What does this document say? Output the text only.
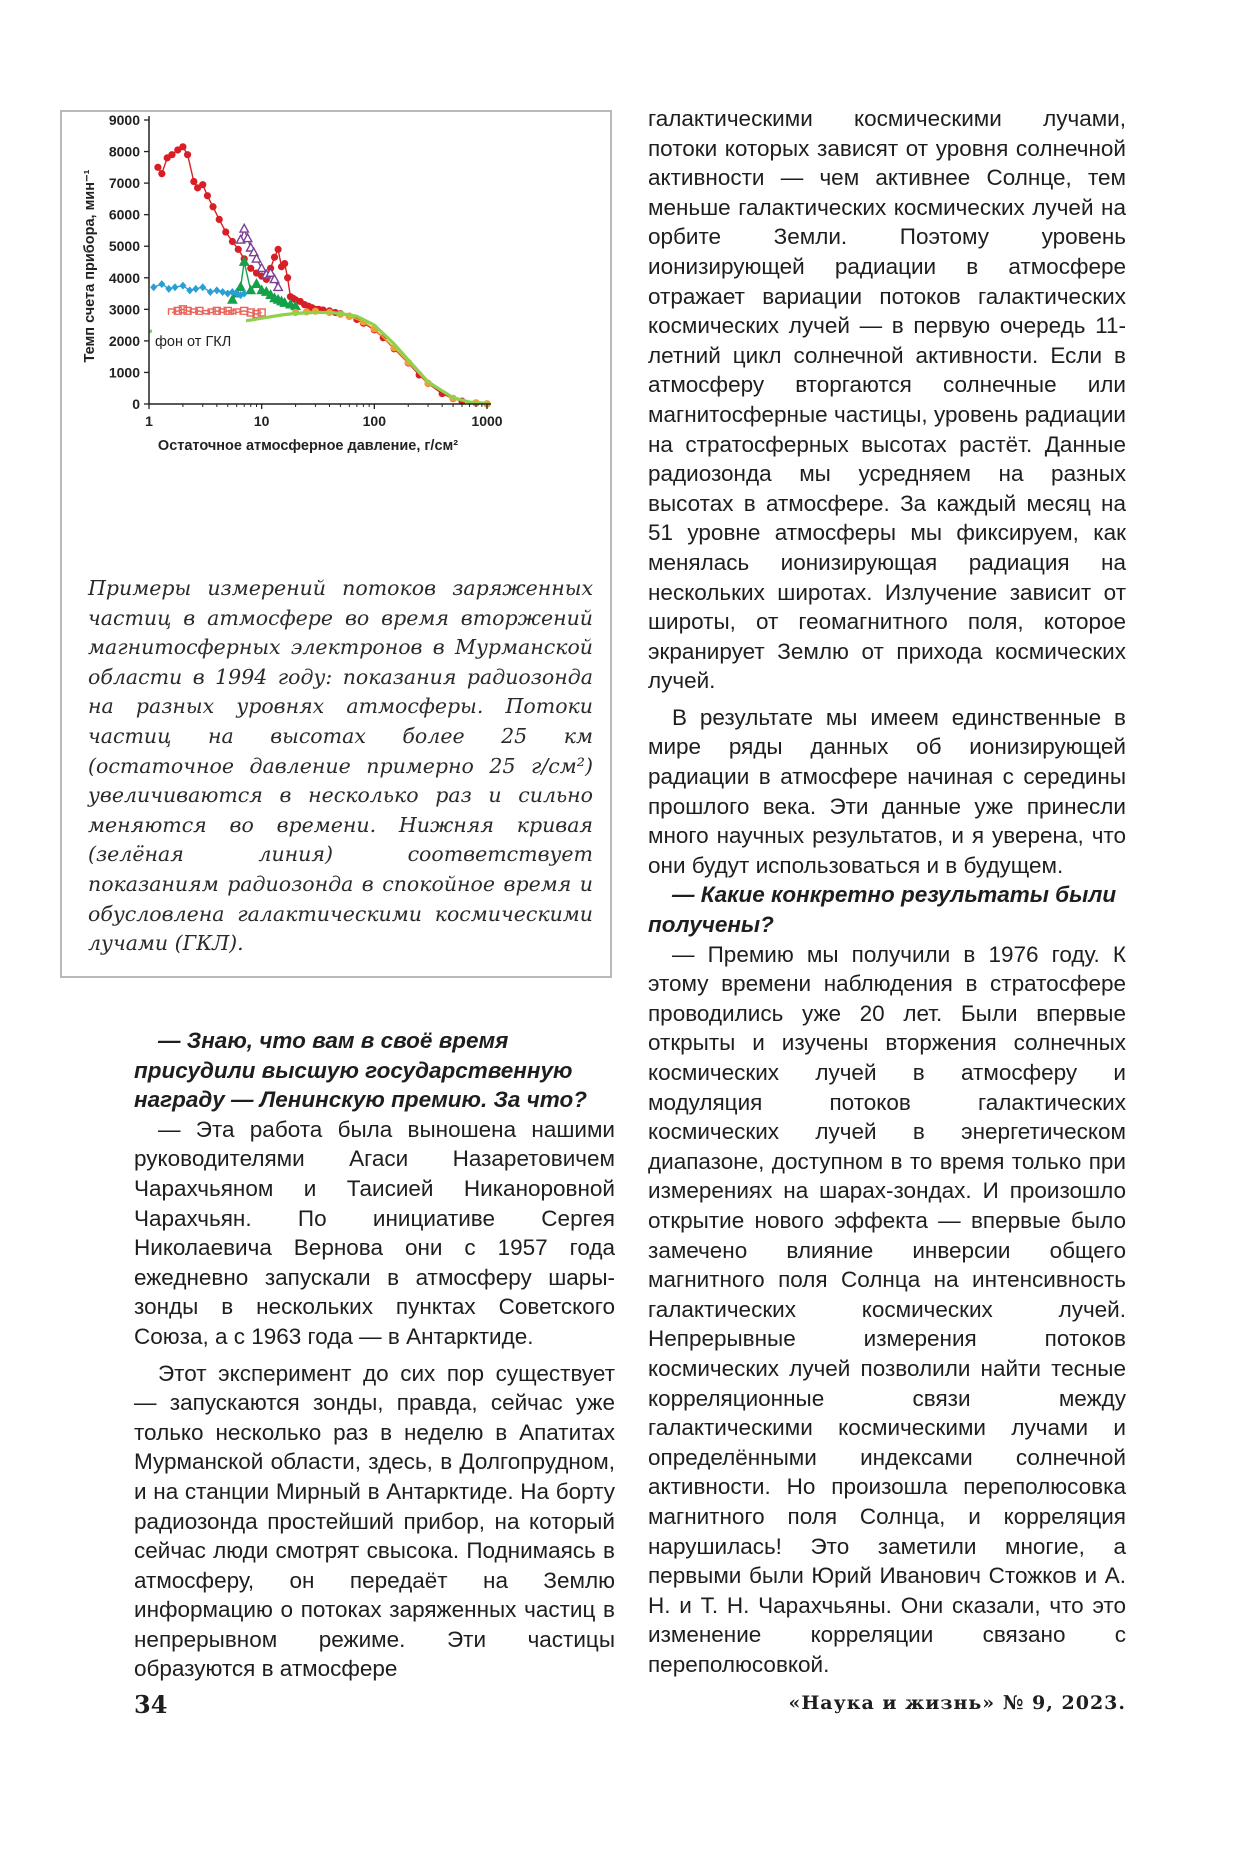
0
1000
2000
3000
4000
5000
6000
7000
8000
9000
1	10	100	1000
Остаточное атмосферное давление, г/см²
Темп счета прибора, мин⁻¹	фон от ГКЛ
Примеры измерений потоков заряженных частиц в атмосфере во время вторжений магнитосферных электронов в Мурманской области в 1994 году: показания радиозонда на разных уровнях атмосферы. Потоки частиц на высотах более 25 км (остаточное давление примерно 25 г/см²) увеличиваются в несколько раз и сильно меняются во времени. Нижняя кривая (зелёная линия) соответствует показаниям радиозонда в спокойное время и обусловлена галактическими космическими лучами (ГКЛ).

— Знаю, что вам в своё время присудили высшую государственную награду — Ленинскую премию. За что?

— Эта работа была выношена нашими руководителями Агаси Назаретовичем Чарахчьяном и Таисией Никаноровной Чарахчьян. По инициативе Сергея Николаевича Вернова они с 1957 года ежедневно запускали в атмосферу шары-зонды в нескольких пунктах Советского Союза, а с 1963 года — в Антарктиде.

Этот эксперимент до сих пор существует — запускаются зонды, правда, сейчас уже только несколько раз в неделю в Апатитах Мурманской области, здесь, в Долгопрудном, и на станции Мирный в Антарктиде. На борту радиозонда простейший прибор, на который сейчас люди смотрят свысока. Поднимаясь в атмосферу, он передаёт на Землю информацию о потоках заряженных частиц в непрерывном режиме. Эти частицы образуются в атмосфере

галактическими космическими лучами, потоки которых зависят от уровня солнечной активности — чем активнее Солнце, тем меньше галактических космических лучей на орбите Земли. Поэтому уровень ионизирующей радиации в атмосфере отражает вариации потоков галактических космических лучей — в первую очередь 11-летний цикл солнечной активности. Если в атмосферу вторгаются солнечные или магнитосферные частицы, уровень радиации на стратосферных высотах растёт. Данные радиозонда мы усредняем на разных высотах в атмосфере. За каждый месяц на 51 уровне атмосферы мы фиксируем, как менялась ионизирующая радиация на нескольких широтах. Излучение зависит от широты, от геомагнитного поля, которое экранирует Землю от прихода космических лучей.

В результате мы имеем единственные в мире ряды данных об ионизирующей радиации в атмосфере начиная с середины прошлого века. Эти данные уже принесли много научных результатов, и я уверена, что они будут использоваться и в будущем.

— Какие конкретно результаты были получены?

— Премию мы получили в 1976 году. К этому времени наблюдения в стратосфере проводились уже 20 лет. Были впервые открыты и изучены вторжения солнечных космических лучей в атмосферу и модуляция потоков галактических космических лучей в энергетическом диапазоне, доступном в то время только при измерениях на шарах-зондах. И произошло открытие нового эффекта — впервые было замечено влияние инверсии общего магнитного поля Солнца на интенсивность галактических космических лучей. Непрерывные измерения потоков космических лучей позволили найти тесные корреляционные связи между галактическими космическими лучами и определёнными индексами солнечной активности. Но произошла переполюсовка магнитного поля Солнца, и корреляция нарушилась! Это заметили многие, а первыми были Юрий Иванович Стожков и А. Н. и Т. Н. Чарахчьяны. Они сказали, что это изменение корреляции связано с переполюсовкой.

34	«Наука и жизнь» № 9, 2023.
